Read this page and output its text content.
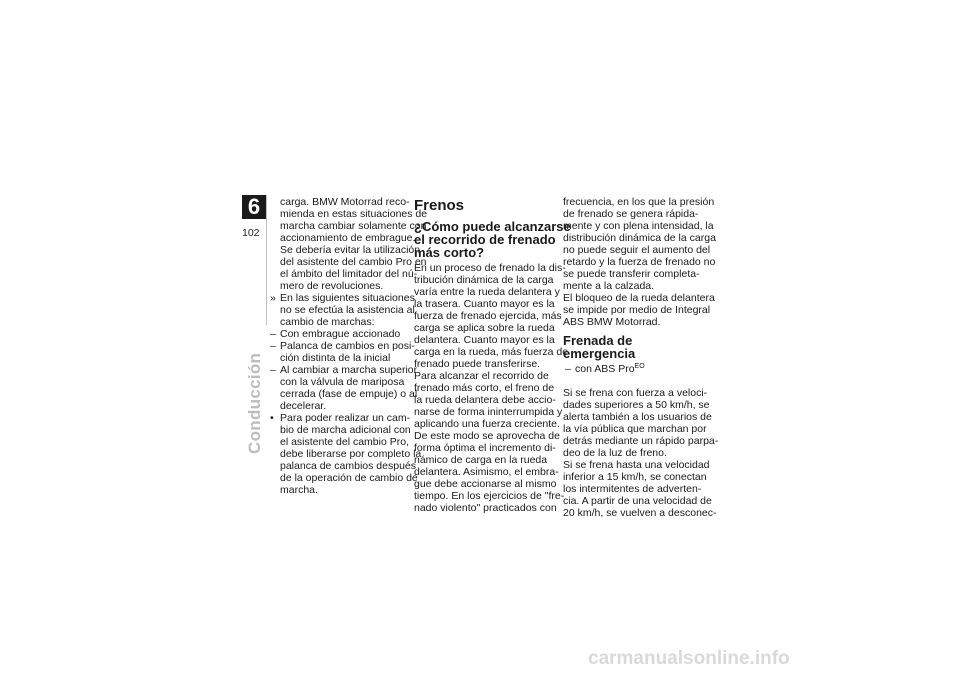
6
102
Conducción
carga. BMW Motorrad reco-
mienda en estas situaciones de
marcha cambiar solamente con
accionamiento de embrague.
Se debería evitar la utilización
del asistente del cambio Pro en
el ámbito del limitador del nú-
mero de revoluciones.
» En las siguientes situaciones
no se efectúa la asistencia al
cambio de marchas:
– Con embrague accionado
– Palanca de cambios en posi-
ción distinta de la inicial
– Al cambiar a marcha superior
con la válvula de mariposa
cerrada (fase de empuje) o al
decelerar.
• Para poder realizar un cam-
bio de marcha adicional con
el asistente del cambio Pro,
debe liberarse por completo la
palanca de cambios después
de la operación de cambio de
marcha.
Frenos
¿Cómo puede alcanzarse
el recorrido de frenado
más corto?
En un proceso de frenado la dis-
tribución dinámica de la carga
varía entre la rueda delantera y
la trasera. Cuanto mayor es la
fuerza de frenado ejercida, más
carga se aplica sobre la rueda
delantera. Cuanto mayor es la
carga en la rueda, más fuerza de
frenado puede transferirse.
Para alcanzar el recorrido de
frenado más corto, el freno de
la rueda delantera debe accio-
narse de forma ininterrumpida y
aplicando una fuerza creciente.
De este modo se aprovecha de
forma óptima el incremento di-
námico de carga en la rueda
delantera. Asimismo, el embra-
gue debe accionarse al mismo
tiempo. En los ejercicios de "fre-
nado violento" practicados con
frecuencia, en los que la presión
de frenado se genera rápida-
mente y con plena intensidad, la
distribución dinámica de la carga
no puede seguir el aumento del
retardo y la fuerza de frenado no
se puede transferir completa-
mente a la calzada.
El bloqueo de la rueda delantera
se impide por medio de Integral
ABS BMW Motorrad.
Frenada de emergencia
– con ABS Pro$^{EO}$
Si se frena con fuerza a veloci-
dades superiores a 50 km/h, se
alerta también a los usuarios de
la vía pública que marchan por
detrás mediante un rápido parpa-
deo de la luz de freno.
Si se frena hasta una velocidad
inferior a 15 km/h, se conectan
los intermitentes de adverten-
cia. A partir de una velocidad de
20 km/h, se vuelven a desconec-
carmanualsonline.info
